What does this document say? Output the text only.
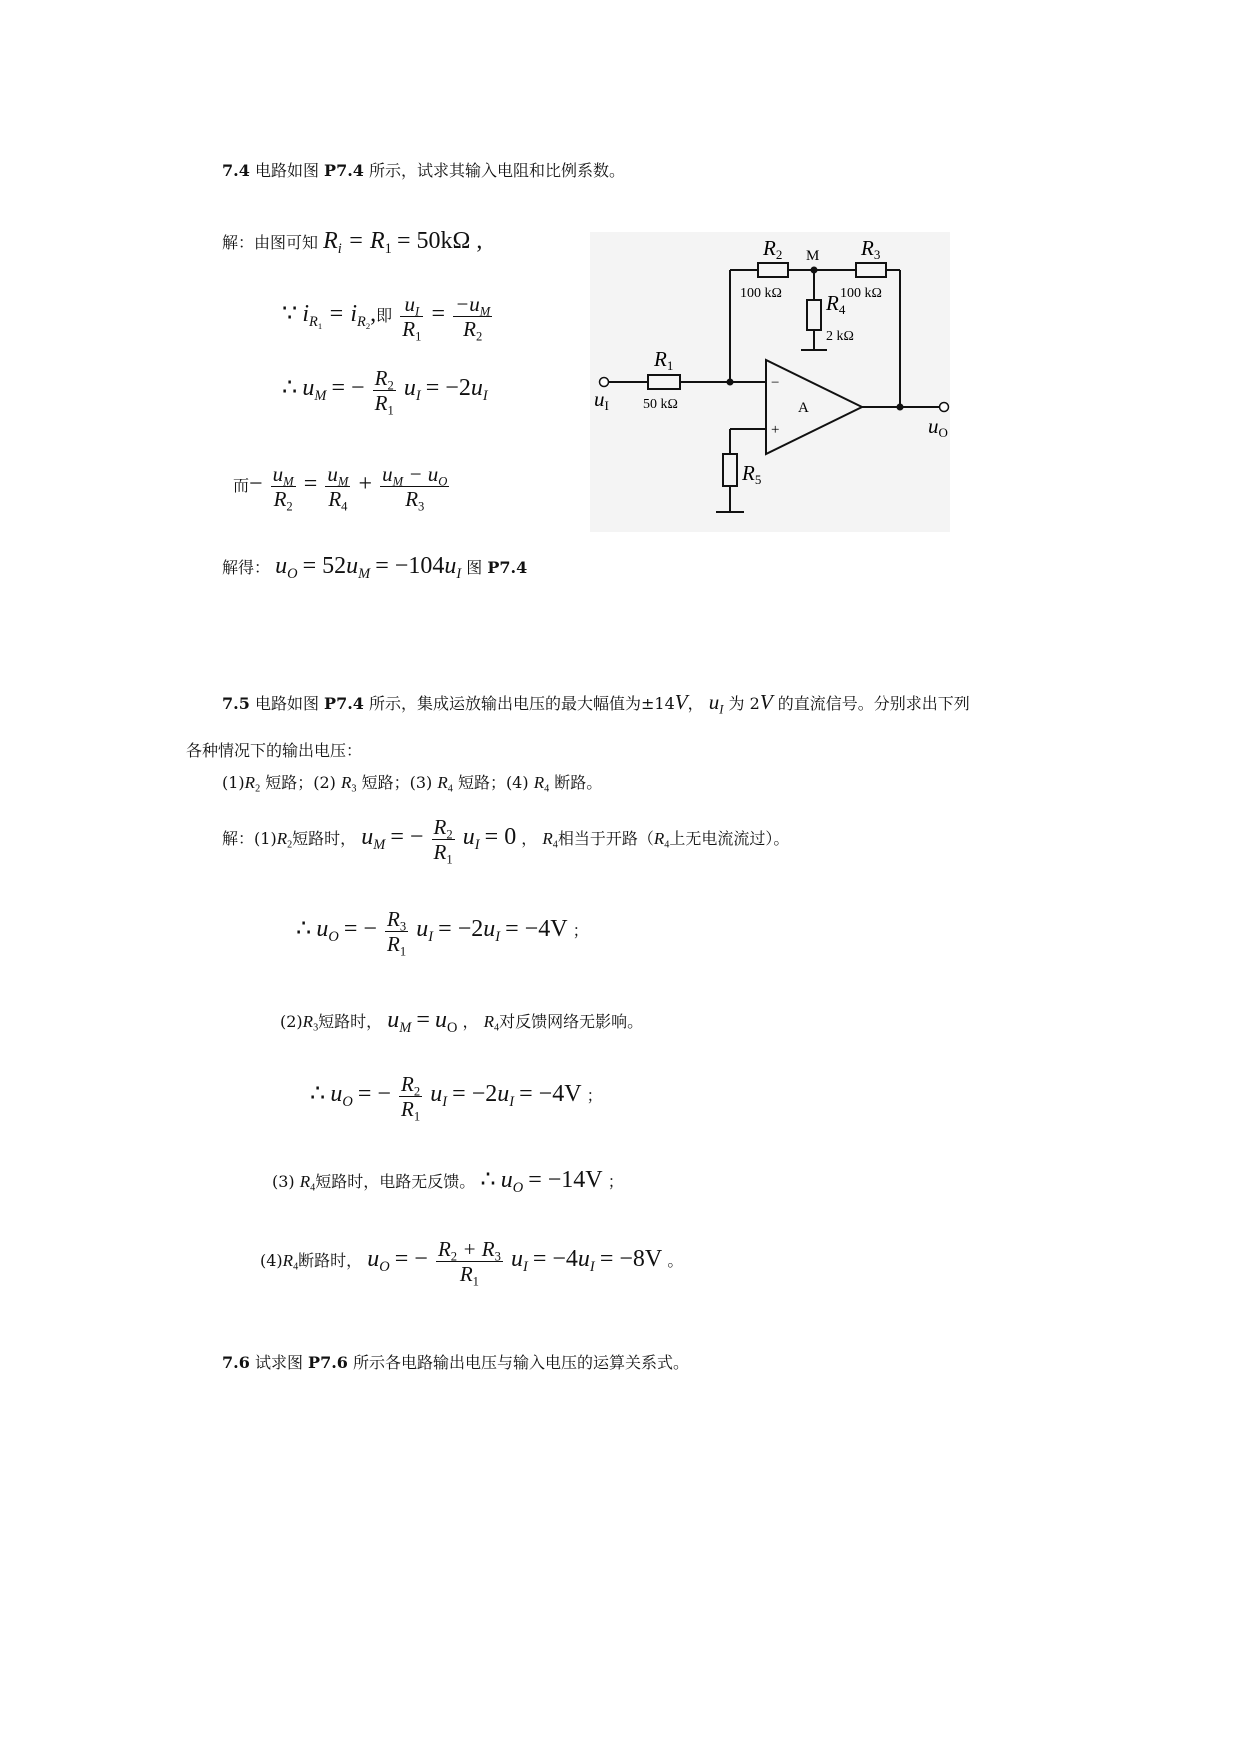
7.4 电路如图 P7.4 所示，试求其输入电阻和比例系数。
解：由图可知 $R_i = R_1 = 50k\Omega$ ,
∵ $i_{R_1} = i_{R_2}$,即 $\frac{u_I}{R_1} = \frac{-u_M}{R_2}$
∴ $u_M$ = − $\frac{R_2}{R_1} u_I = -2u_I$
而− $\frac{u_M}{R_2} = \frac{u_M}{R_4} + \frac{u_M - u_O}{R_3}$
解得： $u_O = 52u_M = -104u_I$ 图 P7.4
R2
100 kΩ
M R3
100 kΩ
R4
2 kΩ
R1
50 kΩ
uI
uO
A
−
+
R5
7.5 电路如图 P7.4 所示，集成运放输出电压的最大幅值为±14V， $u_I$ 为 2V 的直流信号。分别求出下列
各种情况下的输出电压：
$(1)R_2$ 短路；(2) $R_3$ 短路；(3) $R_4$ 短路；(4) $R_4$ 断路。
解：$(1)R_2$短路时， $u_M$ = − $\frac{R_2}{R_1} u_I = 0$ ， $R_4$相当于开路（$R_4$上无电流流过）。
∴ $u_O$ = − $\frac{R_3}{R_1} u_I = -2u_I = -4V$ ；
$(2)R_3$短路时， $u_M = u_O$ ， $R_4$对反馈网络无影响。
∴ $u_O$ = − $\frac{R_2}{R_1} u_I = -2u_I = -4V$ ；
(3) $R_4$短路时，电路无反馈。 ∴ $u_O = -14V$ ；
$(4)R_4$断路时， $u_O$ = − $\frac{R_2 + R_3}{R_1} u_I = -4u_I = -8V$ 。
7.6 试求图 P7.6 所示各电路输出电压与输入电压的运算关系式。
